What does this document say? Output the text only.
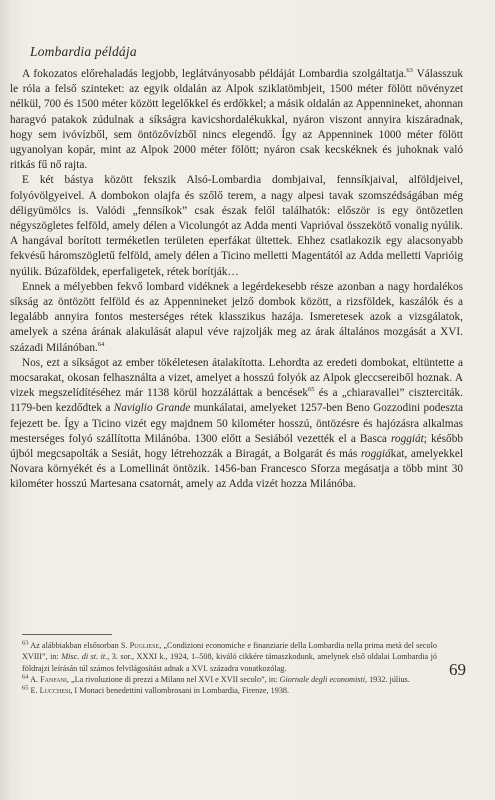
Lombardia példája

A fokozatos előrehaladás legjobb, leglátványosabb példáját Lombardia szolgáltatja.$^{63}$ Válasszuk le róla a felső szinteket: az egyik oldalán az Alpok sziklatömbjeit, 1500 méter fölött növényzet nélkül, 700 és 1500 méter között legelőkkel és erdőkkel; a másik oldalán az Appennineket, ahonnan haragvó patakok zúdulnak a síkságra kavicshordalékukkal, nyáron viszont annyira kiszáradnak, hogy sem ivóvízből, sem öntözővízből nincs elegendő. Így az Appenninek 1000 méter fölött ugyanolyan kopár, mint az Alpok 2000 méter fölött; nyáron csak kecskéknek és juhoknak való ritkás fű nő rajta.

E két bástya között fekszik Alsó-Lombardia dombjaival, fennsíkjaival, alföldjeivel, folyóvölgyeivel. A dombokon olajfa és szőlő terem, a nagy alpesi tavak szomszédságában még déligyümölcs is. Valódi „fennsíkok” csak észak felől találhatók: először is egy öntözetlen négyszögletes felföld, amely délen a Vicolungót az Adda menti Vaprióval összekötő vonalig nyúlik. A hangával borított terméketlen területen eperfákat ültettek. Ehhez csatlakozik egy alacsonyabb fekvésű háromszögletű felföld, amely délen a Ticino melletti Magentától az Adda melletti Vaprióig nyúlik. Búzaföldek, eperfaligetek, rétek borítják…

Ennek a mélyebben fekvő lombard vidéknek a legérdekesebb része azonban a nagy hordalékos síkság az öntözött felföld és az Appennineket jelző dombok között, a rizsföldek, kaszálók és a legalább annyira fontos mesterséges rétek klasszikus hazája. Ismeretesek azok a vizsgálatok, amelyek a széna árának alakulását alapul véve rajzolják meg az árak általános mozgását a XVI. századi Milánóban.$^{64}$

Nos, ezt a síkságot az ember tökéletesen átalakította. Lehordta az eredeti dombokat, eltüntette a mocsarakat, okosan felhasználta a vizet, amelyet a hosszú folyók az Alpok gleccsereiből hoznak. A vizek megszelídítéséhez már 1138 körül hozzáláttak a bencések$^{65}$ és a „chiaravallei” ciszterciták. 1179-ben kezdődtek a Naviglio Grande munkálatai, amelyeket 1257-ben Beno Gozzodini podeszta fejezett be. Így a Ticino vizét egy majdnem 50 kilométer hosszú, öntözésre és hajózásra alkalmas mesterséges folyó szállította Milánóba. 1300 előtt a Sesiából vezették el a Basca roggiát; később újból megcsapolták a Sesiát, hogy létrehozzák a Biragát, a Bolgarát és más roggiákat, amelyekkel Novara környékét és a Lomellinát öntözik. 1456-ban Francesco Sforza megásatja a több mint 30 kilométer hosszú Martesana csatornát, amely az Adda vizét hozza Milánóba.

$^{63}$ Az alábbiakban elsősorban S. Pugliese, „Condizioni economiche e finanziarie della Lombardia nella prima metà del secolo XVIII”, in: Misc. di st. it., 3. sor., XXXI k., 1924, 1–508, kiváló cikkére támaszkodunk, amelynek első oldalai Lombardia jó földrajzi leírásán túl számos felvilágosítást adnak a XVI. századra vonatkozólag.

$^{64}$ A. Fanfani, „La rivoluzione di prezzi a Milano nel XVI e XVII secolo”, in: Giornale degli economisti, 1932. július.

$^{65}$ E. Lucchesi, I Monaci benedettini vallombrosani in Lombardia, Firenze, 1938.

69
